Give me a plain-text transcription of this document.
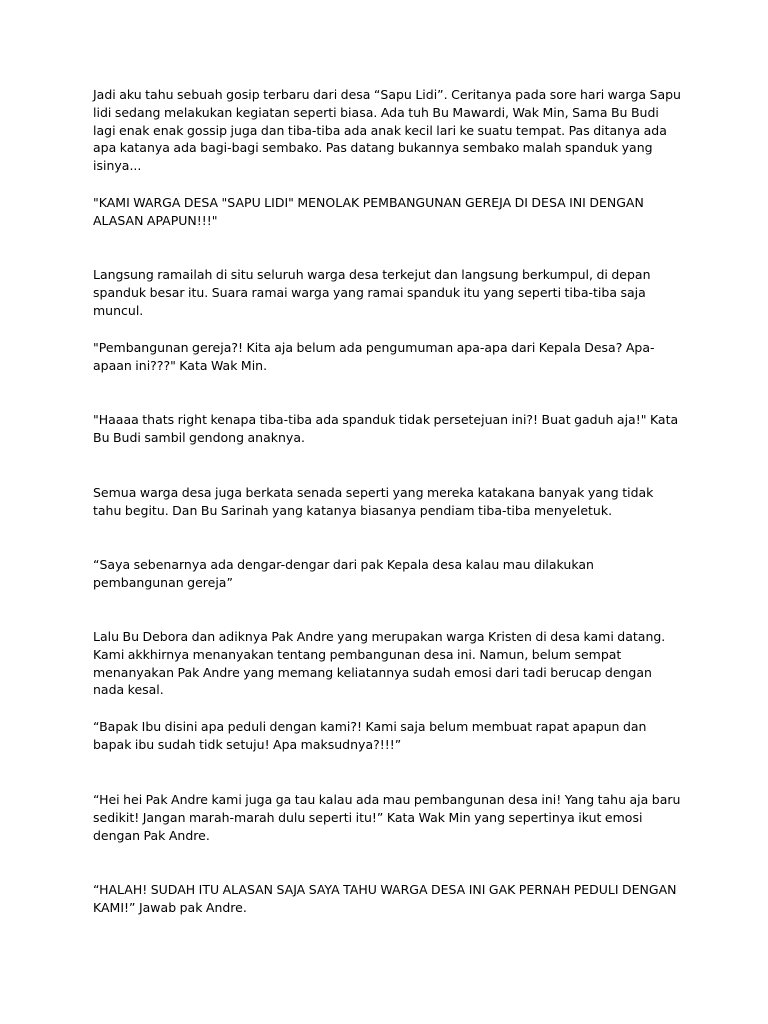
Jadi aku tahu sebuah gosip terbaru dari desa “Sapu Lidi”. Ceritanya pada sore hari warga Sapu lidi sedang melakukan kegiatan seperti biasa. Ada tuh Bu Mawardi, Wak Min, Sama Bu Budi lagi enak enak gossip juga dan tiba-tiba ada anak kecil lari ke suatu tempat. Pas ditanya ada apa katanya ada bagi-bagi sembako. Pas datang bukannya sembako malah spanduk yang isinya...

"KAMI WARGA DESA "SAPU LIDI" MENOLAK PEMBANGUNAN GEREJA DI DESA INI DENGAN ALASAN APAPUN!!!"

Langsung ramailah di situ seluruh warga desa terkejut dan langsung berkumpul, di depan spanduk besar itu. Suara ramai warga yang ramai spanduk itu yang seperti tiba-tiba saja muncul.

"Pembangunan gereja?! Kita aja belum ada pengumuman apa-apa dari Kepala Desa? Apa-apaan ini???" Kata Wak Min.

"Haaaa thats right kenapa tiba-tiba ada spanduk tidak persetejuan ini?! Buat gaduh aja!" Kata Bu Budi sambil gendong anaknya.

Semua warga desa juga berkata senada seperti yang mereka katakana banyak yang tidak tahu begitu. Dan Bu Sarinah yang katanya biasanya pendiam tiba-tiba menyeletuk.

“Saya sebenarnya ada dengar-dengar dari pak Kepala desa kalau mau dilakukan pembangunan gereja”

Lalu Bu Debora dan adiknya Pak Andre yang merupakan warga Kristen di desa kami datang. Kami akkhirnya menanyakan tentang pembangunan desa ini. Namun, belum sempat menanyakan Pak Andre yang memang keliatannya sudah emosi dari tadi berucap dengan nada kesal.

“Bapak Ibu disini apa peduli dengan kami?! Kami saja belum membuat rapat apapun dan bapak ibu sudah tidk setuju! Apa maksudnya?!!!”

“Hei hei Pak Andre kami juga ga tau kalau ada mau pembangunan desa ini! Yang tahu aja baru sedikit! Jangan marah-marah dulu seperti itu!” Kata Wak Min yang sepertinya ikut emosi dengan Pak Andre.

“HALAH! SUDAH ITU ALASAN SAJA SAYA TAHU WARGA DESA INI GAK PERNAH PEDULI DENGAN KAMI!” Jawab pak Andre.
